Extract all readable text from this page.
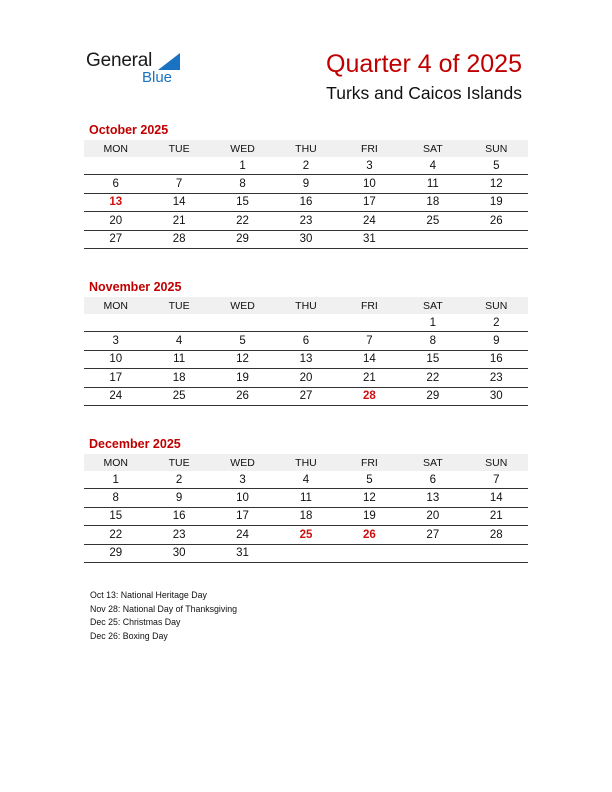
General
Blue	Quarter 4 of 2025
Turks and Caicos Islands
October 2025
MON	TUE	WED	THU	FRI	SAT	SUN
		1	2	3	4	5
6	7	8	9	10	11	12
13	14	15	16	17	18	19
20	21	22	23	24	25	26
27	28	29	30	31		
November 2025
MON	TUE	WED	THU	FRI	SAT	SUN
					1	2
3	4	5	6	7	8	9
10	11	12	13	14	15	16
17	18	19	20	21	22	23
24	25	26	27	28	29	30
December 2025
MON	TUE	WED	THU	FRI	SAT	SUN
1	2	3	4	5	6	7
8	9	10	11	12	13	14
15	16	17	18	19	20	21
22	23	24	25	26	27	28
29	30	31				
Oct 13: National Heritage Day
Nov 28: National Day of Thanksgiving
Dec 25: Christmas Day
Dec 26: Boxing Day
